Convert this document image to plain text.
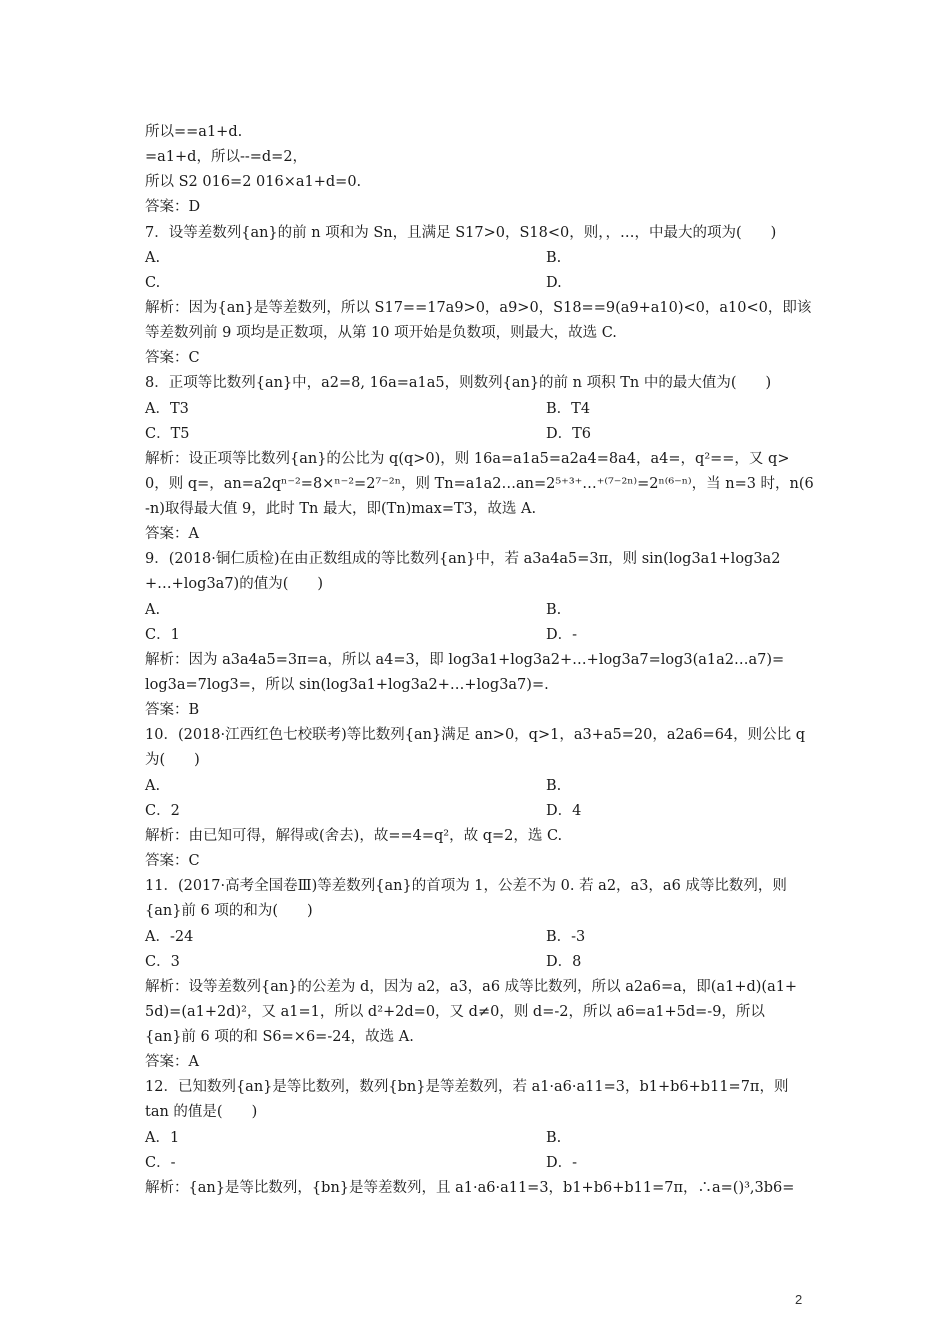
所以==a1+d.
=a1+d，所以--=d=2，
所以 S2 016=2 016×a1+d=0.
答案：D
7．设等差数列{an}的前 n 项和为 Sn，且满足 S17>0，S18<0，则，，…，中最大的项为(　　)
A.	B.
C.	D.
解析：因为{an}是等差数列，所以 S17==17a9>0，a9>0，S18==9(a9+a10)<0，a10<0，即该
等差数列前 9 项均是正数项，从第 10 项开始是负数项，则最大，故选 C.
答案：C
8．正项等比数列{an}中，a2=8, 16a=a1a5，则数列{an}的前 n 项积 Tn 中的最大值为(　　)
A．T3	B．T4
C．T5	D．T6
解析：设正项等比数列{an}的公比为 q(q>0)，则 16a=a1a5=a2a4=8a4，a4=，q²==，又 q>
0，则 q=，an=a2qⁿ⁻²=8×ⁿ⁻²=2⁷⁻²ⁿ，则 Tn=a1a2…an=2⁵⁺³⁺…⁺⁽⁷⁻²ⁿ⁾=2ⁿ⁽⁶⁻ⁿ⁾，当 n=3 时，n(6
-n)取得最大值 9，此时 Tn 最大，即(Tn)max=T3，故选 A.
答案：A
9．(2018·铜仁质检)在由正数组成的等比数列{an}中，若 a3a4a5=3π，则 sin(log3a1+log3a2
+…+log3a7)的值为(　　)
A.	B.
C．1	D．-
解析：因为 a3a4a5=3π=a，所以 a4=3，即 log3a1+log3a2+…+log3a7=log3(a1a2…a7)=
log3a=7log3=，所以 sin(log3a1+log3a2+…+log3a7)=.
答案：B
10．(2018·江西红色七校联考)等比数列{an}满足 an>0，q>1，a3+a5=20，a2a6=64，则公比 q
为(　　)
A.	B.
C．2	D．4
解析：由已知可得，解得或(舍去)，故==4=q²，故 q=2，选 C.
答案：C
11．(2017·高考全国卷Ⅲ)等差数列{an}的首项为 1，公差不为 0. 若 a2，a3，a6 成等比数列，则
{an}前 6 项的和为(　　)
A．-24	B．-3
C．3	D．8
解析：设等差数列{an}的公差为 d，因为 a2，a3，a6 成等比数列，所以 a2a6=a，即(a1+d)(a1+
5d)=(a1+2d)²，又 a1=1，所以 d²+2d=0，又 d≠0，则 d=-2，所以 a6=a1+5d=-9，所以
{an}前 6 项的和 S6=×6=-24，故选 A.
答案：A
12．已知数列{an}是等比数列，数列{bn}是等差数列，若 a1·a6·a11=3，b1+b6+b11=7π，则
tan 的值是(　　)
A．1	B.
C．-	D．-
解析：{an}是等比数列，{bn}是等差数列，且 a1·a6·a11=3，b1+b6+b11=7π，∴a=()³,3b6=
2
